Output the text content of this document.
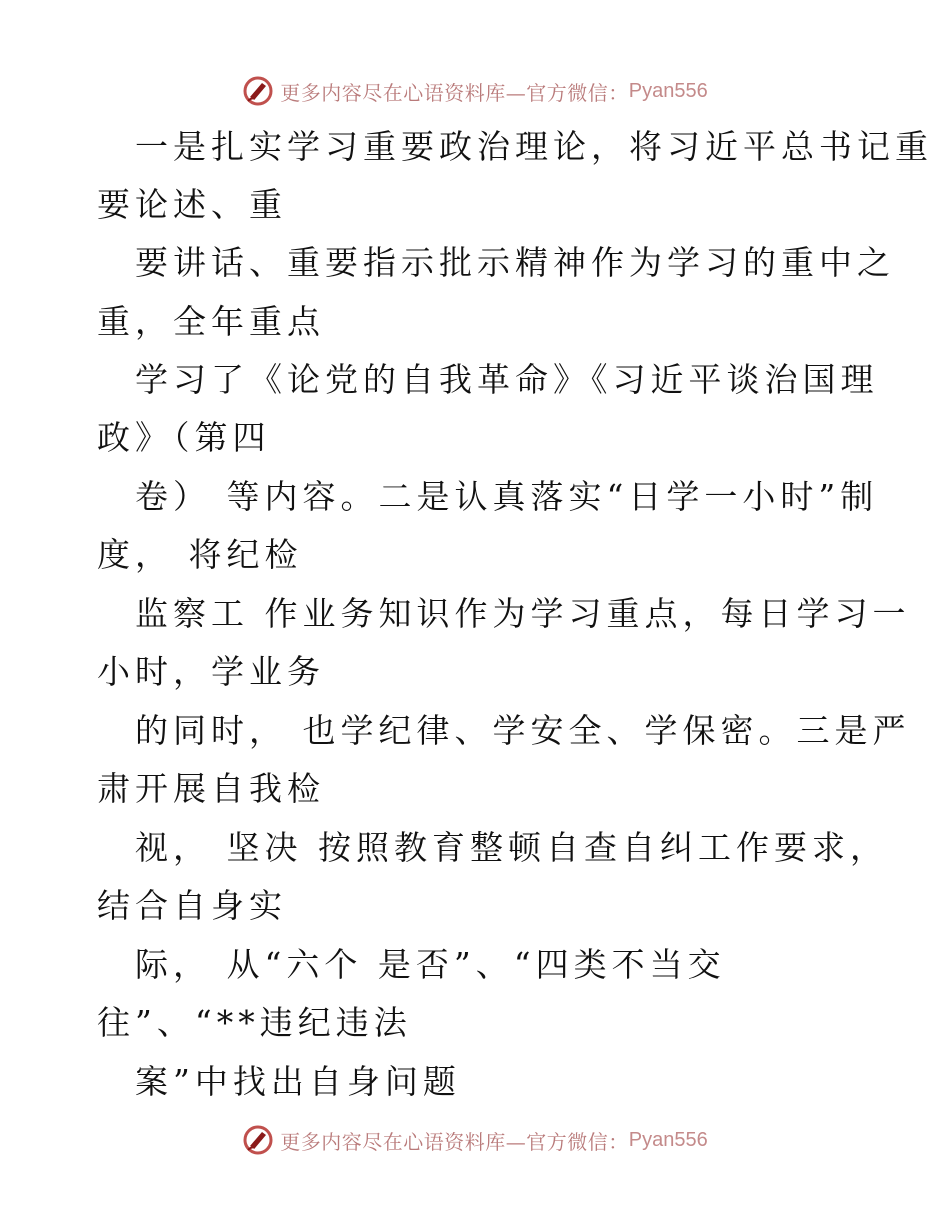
更多内容尽在心语资料库—官方微信： Pyan556
一是扎实学习重要政治理论，将习近平总书记重
要论述、重
要讲话、重要指示批示精神作为学习的重中之
重，全年重点
学习了《论党的自我革命》《习近平谈治国理
政》（第四
卷） 等内容。二是认真落实“日学一小时”制
度， 将纪检
监察工 作业务知识作为学习重点，每日学习一
小时，学业务
的同时， 也学纪律、学安全、学保密。三是严
肃开展自我检
视， 坚决 按照教育整顿自查自纠工作要求，
结合自身实
际， 从“六个 是否”、“四类不当交
往”、“**违纪违法
案”中找出自身问题
更多内容尽在心语资料库—官方微信： Pyan556
